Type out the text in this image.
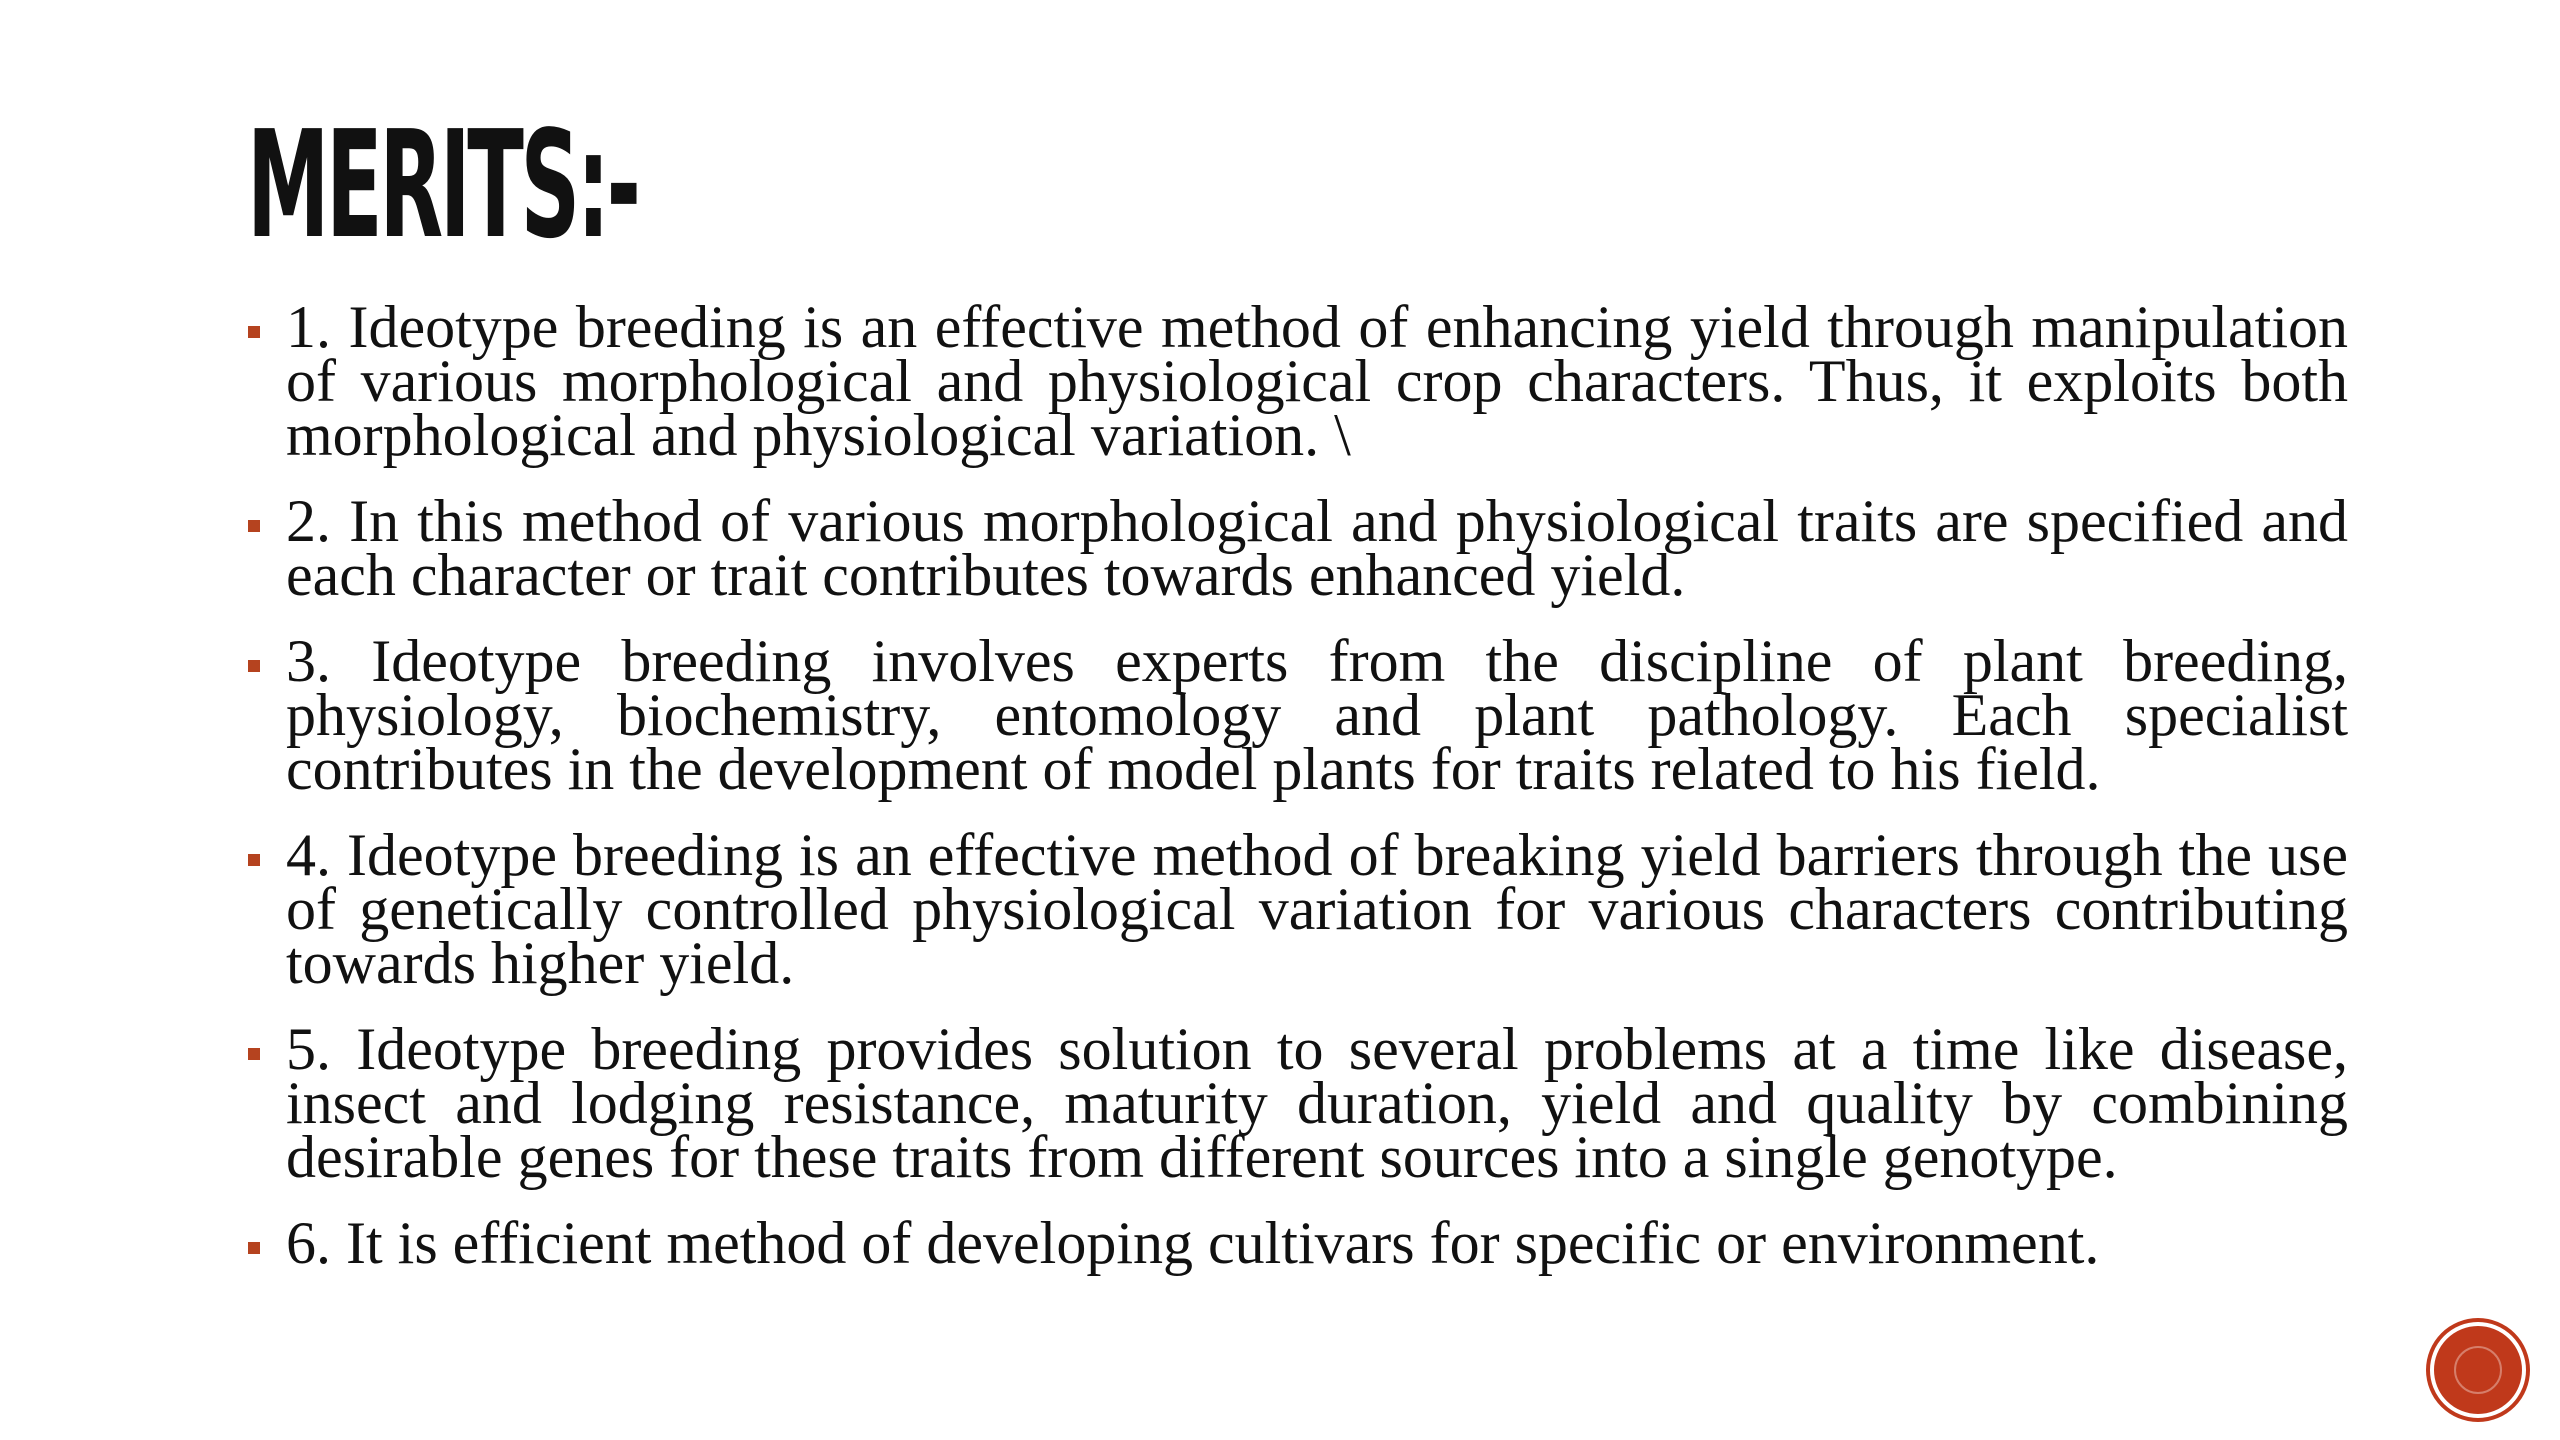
MERITS:-
1. Ideotype breeding is an effective method of enhancing yield through manipulation of various morphological and physiological crop characters. Thus, it exploits both morphological and physiological variation. \
2. In this method of various morphological and physiological traits are specified and each character or trait contributes towards enhanced yield.
3. Ideotype breeding involves experts from the discipline of plant breeding, physiology, biochemistry, entomology and plant pathology. Each specialist contributes in the development of model plants for traits related to his field.
4. Ideotype breeding is an effective method of breaking yield barriers through the use of genetically controlled physiological variation for various characters contributing towards higher yield.
5. Ideotype breeding provides solution to several problems at a time like disease, insect and lodging resistance, maturity duration, yield and quality by combining desirable genes for these traits from different sources into a single genotype.
6. It is efficient method of developing cultivars for specific or environment.
